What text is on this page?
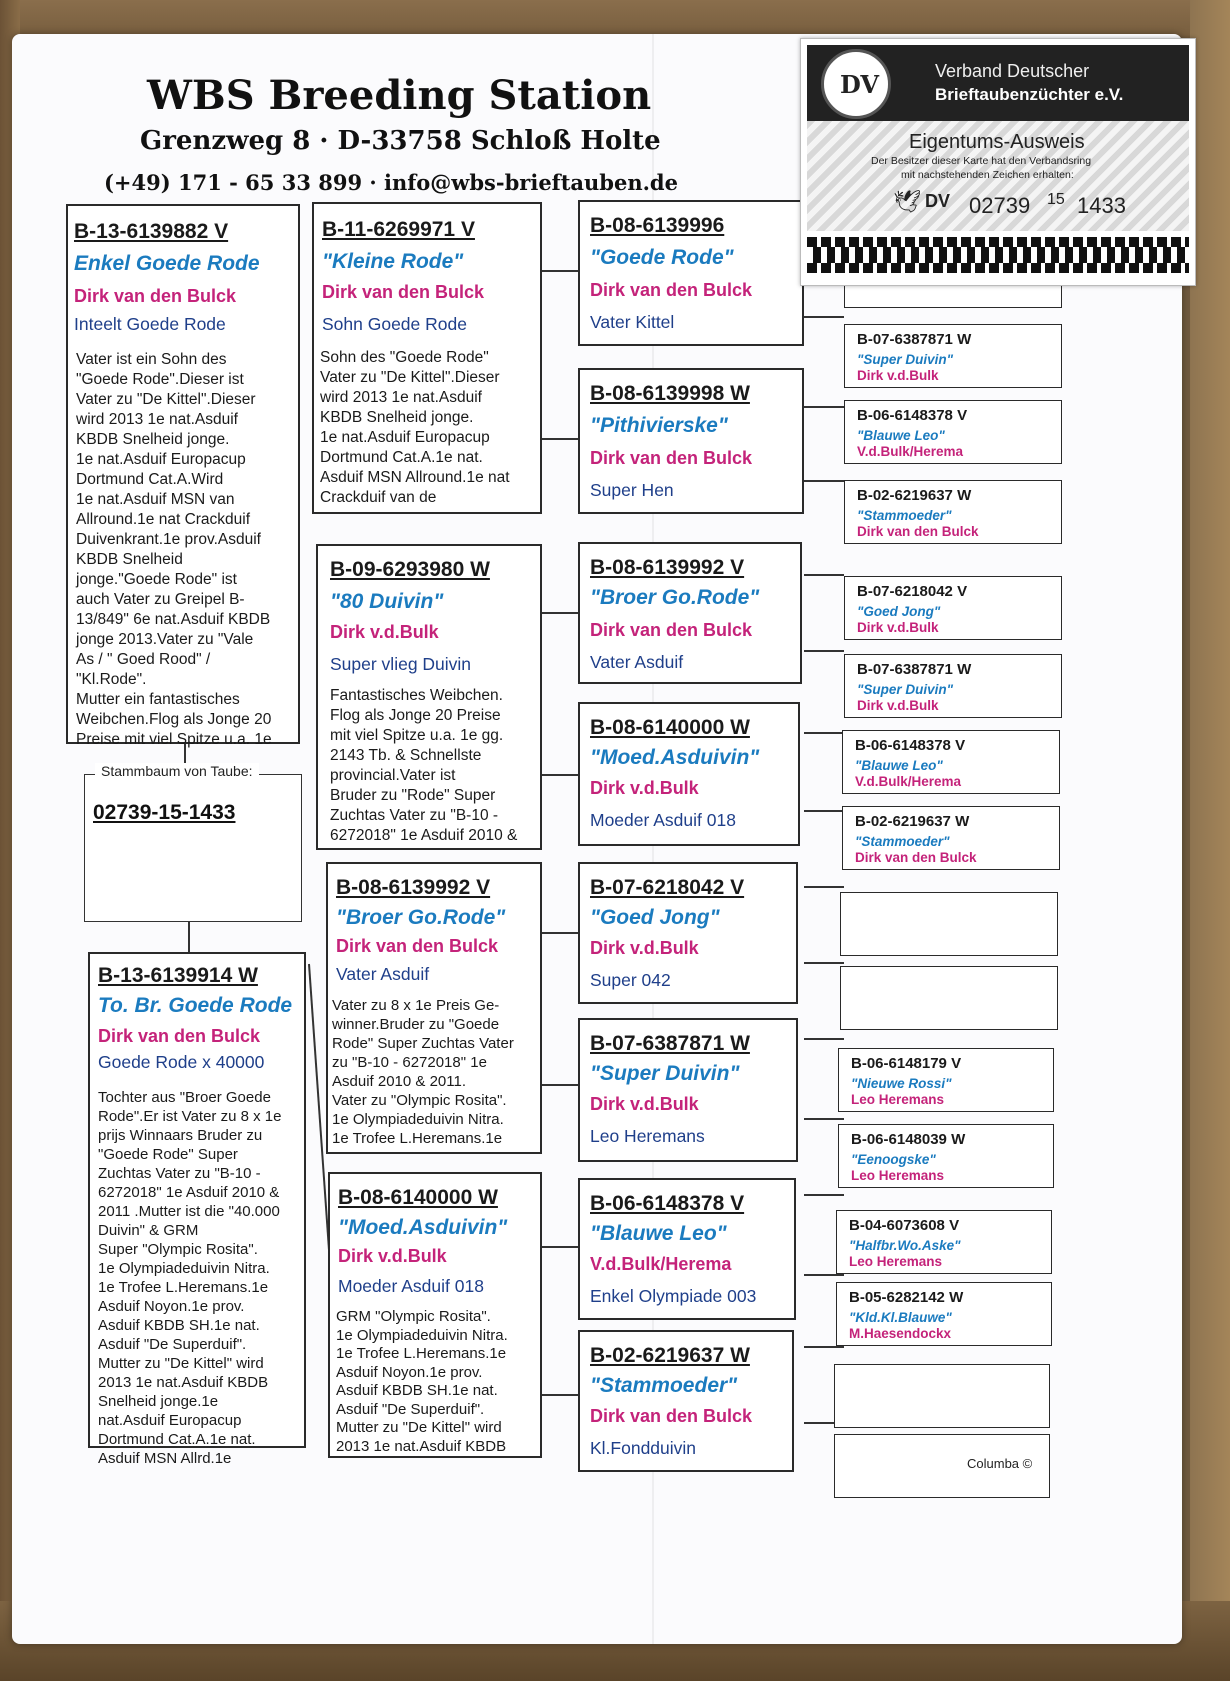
WBS Breeding Station
Grenzweg 8 · D-33758 Schloß Holte
(+49) 171 - 65 33 899 · info@wbs-brieftauben.de
B-13-6139882 V
Enkel Goede Rode
Dirk van den Bulck
Inteelt Goede Rode
Vater ist ein Sohn des
"Goede Rode".Dieser ist
Vater zu "De Kittel".Dieser
wird 2013 1e nat.Asduif
KBDB Snelheid jonge.
1e nat.Asduif Europacup
Dortmund Cat.A.Wird
1e nat.Asduif MSN van
Allround.1e nat Crackduif
Duivenkrant.1e prov.Asduif
KBDB Snelheid
jonge."Goede Rode" ist
auch Vater zu Greipel B-
13/849" 6e nat.Asduif KBDB
jonge 2013.Vater zu "Vale
As / " Goed Rood" /
"Kl.Rode".
Mutter ein fantastisches
Weibchen.Flog als Jonge 20
Preise mit viel Spitze u.a. 1e
Stammbaum von Taube:
02739-15-1433
B-13-6139914 W
To. Br. Goede Rode
Dirk van den Bulck
Goede Rode x 40000
Tochter aus "Broer Goede
Rode".Er ist Vater zu 8 x 1e
prijs Winnaars Bruder zu
"Goede Rode" Super
Zuchtas Vater zu "B-10 -
6272018" 1e Asduif 2010 &
2011 .Mutter ist die "40.000
Duivin" & GRM
Super "Olympic Rosita".
1e Olympiadeduivin Nitra.
1e Trofee L.Heremans.1e
Asduif Noyon.1e prov.
Asduif KBDB SH.1e nat.
Asduif "De Superduif".
Mutter zu "De Kittel" wird
2013 1e nat.Asduif KBDB
Snelheid jonge.1e
nat.Asduif Europacup
Dortmund Cat.A.1e nat.
Asduif MSN Allrd.1e
B-11-6269971 V
"Kleine Rode"
Dirk van den Bulck
Sohn Goede Rode
Sohn des "Goede Rode"
Vater zu "De Kittel".Dieser
wird 2013 1e nat.Asduif
KBDB Snelheid jonge.
1e nat.Asduif Europacup
Dortmund Cat.A.1e nat.
Asduif MSN Allround.1e nat
Crackduif van de
B-09-6293980 W
"80 Duivin"
Dirk v.d.Bulk
Super vlieg Duivin
Fantastisches Weibchen.
Flog als Jonge 20 Preise
mit viel Spitze u.a. 1e gg.
2143 Tb. & Schnellste
provincial.Vater ist
Bruder zu "Rode" Super
Zuchtas Vater zu "B-10 -
6272018" 1e Asduif 2010 &
B-08-6139992 V
"Broer Go.Rode"
Dirk van den Bulck
Vater Asduif
Vater zu 8 x 1e Preis Ge-
winner.Bruder zu "Goede
Rode" Super Zuchtas Vater
zu "B-10 - 6272018" 1e
Asduif 2010 & 2011.
Vater zu "Olympic Rosita".
1e Olympiadeduivin Nitra.
1e Trofee L.Heremans.1e
B-08-6140000 W
"Moed.Asduivin"
Dirk v.d.Bulk
Moeder Asduif 018
GRM "Olympic Rosita".
1e Olympiadeduivin Nitra.
1e Trofee L.Heremans.1e
Asduif Noyon.1e prov.
Asduif KBDB SH.1e nat.
Asduif "De Superduif".
Mutter zu "De Kittel" wird
2013 1e nat.Asduif KBDB
B-08-6139996
"Goede Rode"
Dirk van den Bulck
Vater Kittel
B-08-6139998 W
"Pithivierske"
Dirk van den Bulck
Super Hen
B-08-6139992 V
"Broer Go.Rode"
Dirk van den Bulck
Vater Asduif
B-08-6140000 W
"Moed.Asduivin"
Dirk v.d.Bulk
Moeder Asduif 018
B-07-6218042 V
"Goed Jong"
Dirk v.d.Bulk
Super 042
B-07-6387871 W
"Super Duivin"
Dirk v.d.Bulk
Leo Heremans
B-06-6148378 V
"Blauwe Leo"
V.d.Bulk/Herema
Enkel Olympiade 003
B-02-6219637 W
"Stammoeder"
Dirk van den Bulck
Kl.Fondduivin
B-07-6387871 W
"Super Duivin"
Dirk v.d.Bulk
B-06-6148378 V
"Blauwe Leo"
V.d.Bulk/Herema
B-02-6219637 W
"Stammoeder"
Dirk van den Bulck
B-07-6218042 V
"Goed Jong"
Dirk v.d.Bulk
B-07-6387871 W
"Super Duivin"
Dirk v.d.Bulk
B-06-6148378 V
"Blauwe Leo"
V.d.Bulk/Herema
B-02-6219637 W
"Stammoeder"
Dirk van den Bulck
B-06-6148179 V
"Nieuwe Rossi"
Leo Heremans
B-06-6148039 W
"Eenoogske"
Leo Heremans
B-04-6073608 V
"Halfbr.Wo.Aske"
Leo Heremans
B-05-6282142 W
"Kld.Kl.Blauwe"
M.Haesendockx
Columba ©
DV	Verband Deutscher
Brieftaubenzüchter e.V.
Eigentums-Ausweis
Der Besitzer dieser Karte hat den Verbandsring
mit nachstehenden Zeichen erhalten:
🕊 DV 02739 15 1433
